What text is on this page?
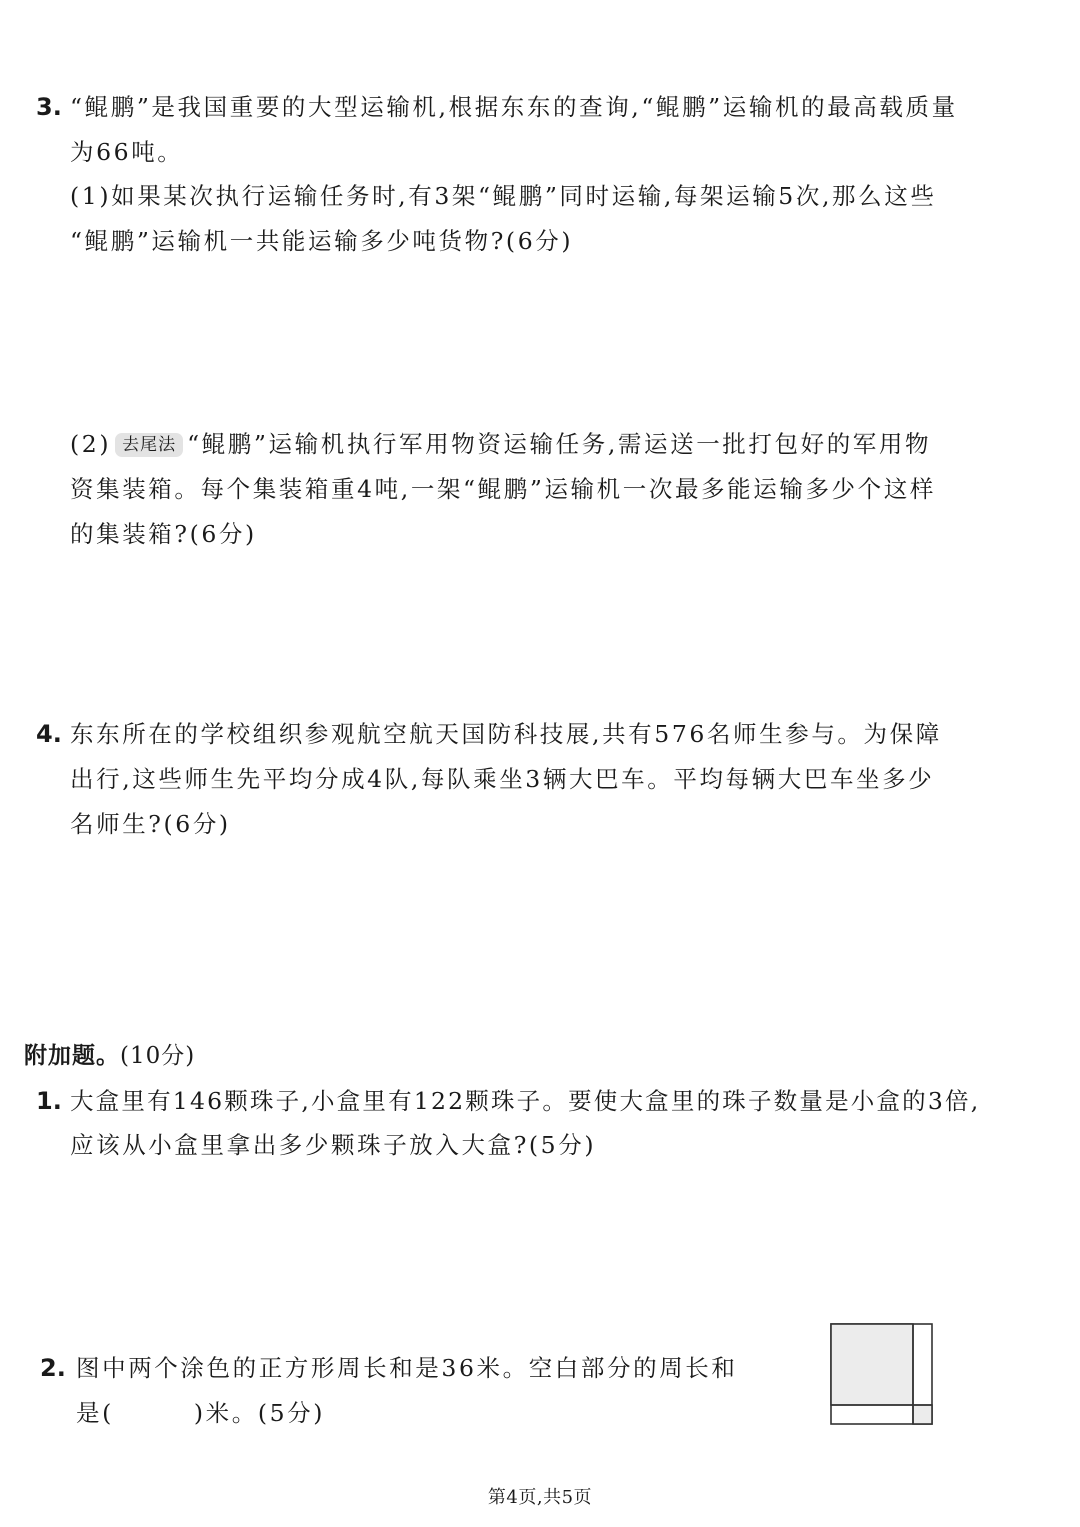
3. “鲲鹏”是我国重要的大型运输机,根据东东的查询,“鲲鹏”运输机的最高载质量
为66吨。
(1)如果某次执行运输任务时,有3架“鲲鹏”同时运输,每架运输5次,那么这些
“鲲鹏”运输机一共能运输多少吨货物?(6分)
(2) 去尾法 “鲲鹏”运输机执行军用物资运输任务,需运送一批打包好的军用物
资集装箱。每个集装箱重4吨,一架“鲲鹏”运输机一次最多能运输多少个这样
的集装箱?(6分)
4. 东东所在的学校组织参观航空航天国防科技展,共有576名师生参与。为保障
出行,这些师生先平均分成4队,每队乘坐3辆大巴车。平均每辆大巴车坐多少
名师生?(6分)
附加题。(10分)
1. 大盒里有146颗珠子,小盒里有122颗珠子。要使大盒里的珠子数量是小盒的3倍,
应该从小盒里拿出多少颗珠子放入大盒?(5分)
2. 图中两个涂色的正方形周长和是36米。空白部分的周长和
是(	)米。(5分)
第4页,共5页
